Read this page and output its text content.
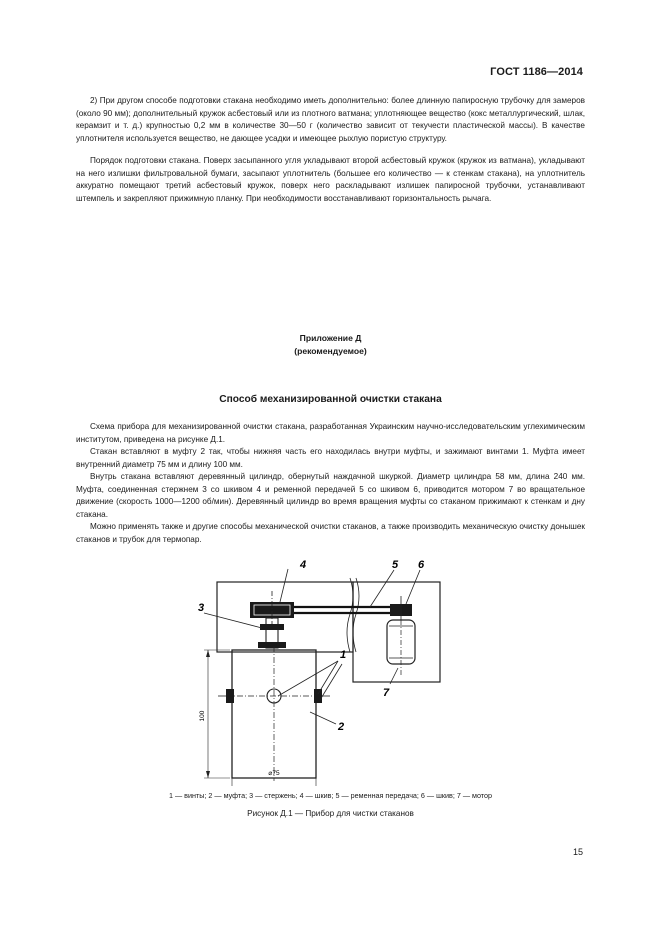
ГОСТ 1186—2014

2) При другом способе подготовки стакана необходимо иметь дополнительно: более длинную папиросную трубочку для замеров (около 90 мм); дополнительный кружок асбестовый или из плотного ватмана; уплотняющее вещество (кокс металлургический, шлак, керамзит и т. д.) крупностью 0,2 мм в количестве 30—50 г (количество зависит от текучести пластической массы). В качестве уплотнителя используется вещество, не дающее усадки и имеющее рыхлую пористую структуру.

Порядок подготовки стакана. Поверх засыпанного угля укладывают второй асбестовый кружок (кружок из ватмана), укладывают на него излишки фильтровальной бумаги, засыпают уплотнитель (большее его количество — к стенкам стакана), на уплотнитель аккуратно помещают третий асбестовый кружок, поверх него раскладывают излишек папиросной трубочки, устанавливают штемпель и закрепляют прижимную планку. При необходимости восстанавливают горизонтальность рычага.

Приложение Д

(рекомендуемое)

Способ механизированной очистки стакана

Схема прибора для механизированной очистки стакана, разработанная Украинским научно-исследовательским углехимическим институтом, приведена на рисунке Д.1.

Стакан вставляют в муфту 2 так, чтобы нижняя часть его находилась внутри муфты, и зажимают винтами 1. Муфта имеет внутренний диаметр 75 мм и длину 100 мм.

Внутрь стакана вставляют деревянный цилиндр, обернутый наждачной шкуркой. Диаметр цилиндра 58 мм, длина 240 мм. Муфта, соединенная стержнем 3 со шкивом 4 и ременной передачей 5 со шкивом 6, приводится мотором 7 во вращательное движение (скорость 1000—1200 об/мин). Деревянный цилиндр во время вращения муфты со стаканом прижимают к стенкам и дну стакана.

Можно применять также и другие способы механической очистки стаканов, а также производить механическую очистку донышек стаканов и трубок для термопар.

100
⌀75
4
3
5 6
7
1
2

1 — винты; 2 — муфта; 3 — стержень; 4 — шкив; 5 — ременная передача; 6 — шкив; 7 — мотор

Рисунок Д.1 — Прибор для чистки стаканов

15
